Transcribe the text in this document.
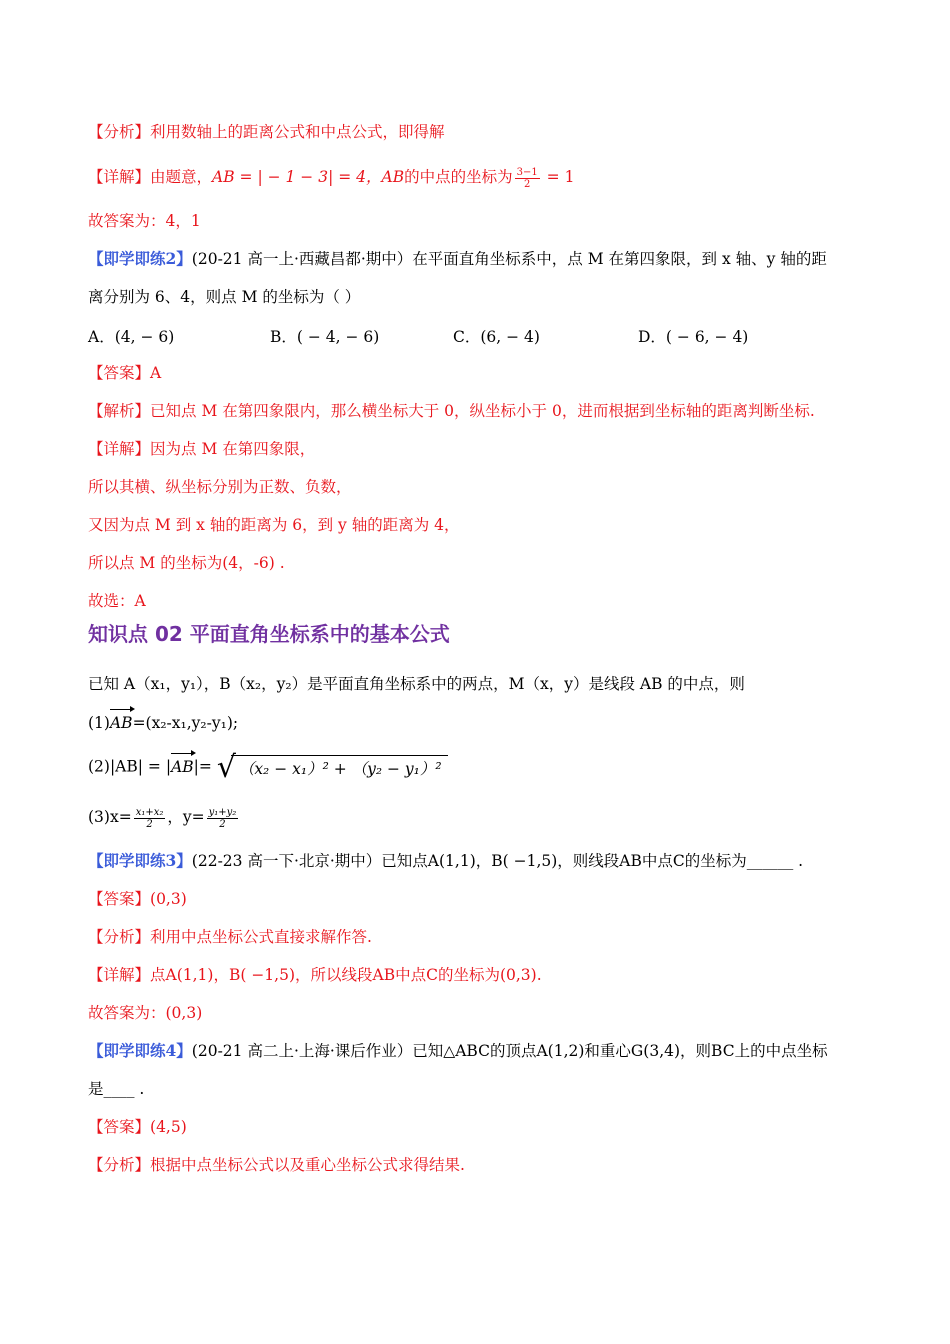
【分析】利用数轴上的距离公式和中点公式，即得解
【详解】由题意，AB = | − 1 − 3| = 4，AB的中点的坐标为 $\frac{3-1}{2} = 1$
故答案为：4，1
【即学即练2】(20-21 高一上·西藏昌都·期中）在平面直角坐标系中，点 M 在第四象限，到 x 轴、y 轴的距
离分别为 6、4，则点 M 的坐标为（ ）
A．(4, − 6)	B．( − 4, − 6)	C．(6, − 4)	D．( − 6, − 4)
【答案】A
【解析】已知点 M 在第四象限内，那么横坐标大于 0，纵坐标小于 0，进而根据到坐标轴的距离判断坐标.
【详解】因为点 M 在第四象限，
所以其横、纵坐标分别为正数、负数，
又因为点 M 到 x 轴的距离为 6，到 y 轴的距离为 4，
所以点 M 的坐标为(4，-6) .
故选：A
知识点 02 平面直角坐标系中的基本公式
已知 A（x₁，y₁），B（x₂，y₂）是平面直角坐标系中的两点，M（x，y）是线段 AB 的中点，则
(1)AB=(x₂-x₁,y₂-y₁);
(2)|AB| = |AB|= √ （x₂ − x₁）² + （y₂ − y₁）²
$(3)x= \frac{\text{x₁+x₂}}{2}$ ，$y= \frac{\text{y₁+y₂}}{2}$
【即学即练3】(22-23 高一下·北京·期中）已知点A(1,1)，B( −1,5)，则线段AB中点C的坐标为______ .
【答案】(0,3)
【分析】利用中点坐标公式直接求解作答.
【详解】点A(1,1)，B( −1,5)，所以线段AB中点C的坐标为(0,3).
故答案为：(0,3)
【即学即练4】(20-21 高二上·上海·课后作业）已知△ABC的顶点A(1,2)和重心G(3,4)，则BC上的中点坐标
是____ .
【答案】(4,5)
【分析】根据中点坐标公式以及重心坐标公式求得结果.
